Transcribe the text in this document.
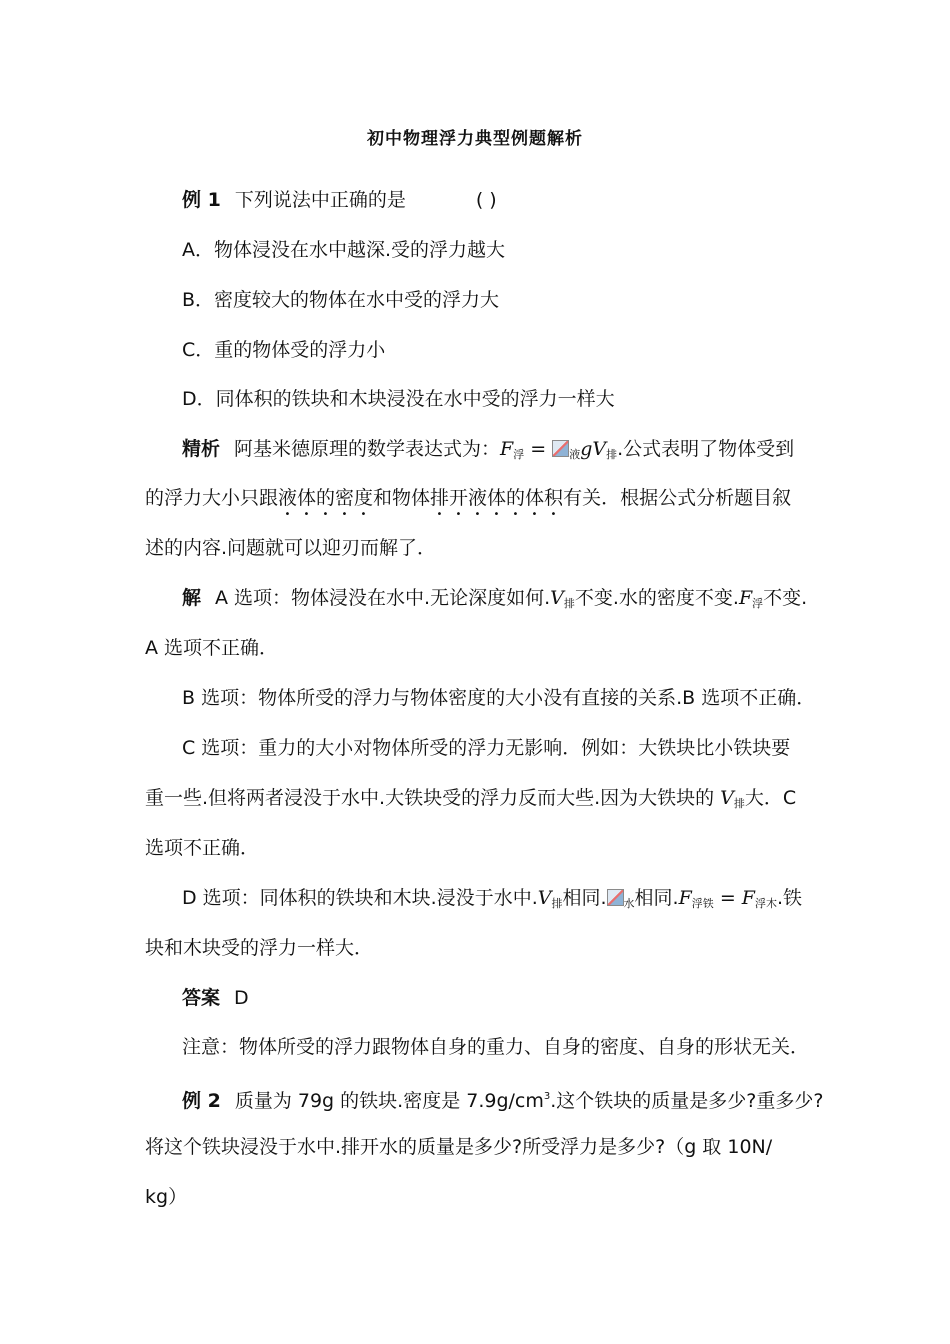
初中物理浮力典型例题解析
例 1 下列说法中正确的是	( )
A．物体浸没在水中越深.受的浮力越大
B．密度较大的物体在水中受的浮力大
C．重的物体受的浮力小
D．同体积的铁块和木块浸没在水中受的浮力一样大
精析 阿基米德原理的数学表达式为：$F_浮 = _液gV_排$.公式表明了物体受到
的浮力大小只跟液体的密度和物体排开液体的体积有关．根据公式分析题目叙
述的内容.问题就可以迎刃而解了．
解 A 选项：物体浸没在水中.无论深度如何$.V_排$不变.水的密度不变$.F_浮$不变.
A 选项不正确．
B 选项：物体所受的浮力与物体密度的大小没有直接的关系.B 选项不正确．
C 选项：重力的大小对物体所受的浮力无影响．例如：大铁块比小铁块要
重一些.但将两者浸没于水中.大铁块受的浮力反而大些.因为大铁块的 $V_排$大．C
选项不正确．
D 选项：同体积的铁块和木块.浸没于水中$.V_排$相同. $_水$相同$.F_{浮铁} = F_{浮木}$.铁
块和木块受的浮力一样大．
答案 D
注意：物体所受的浮力跟物体自身的重力、自身的密度、自身的形状无关．
例 2 质量为 79g 的铁块.密度是 $7.9g/cm^3$.这个铁块的质量是多少?重多少?
将这个铁块浸没于水中.排开水的质量是多少?所受浮力是多少?（g 取 10N/
kg）
